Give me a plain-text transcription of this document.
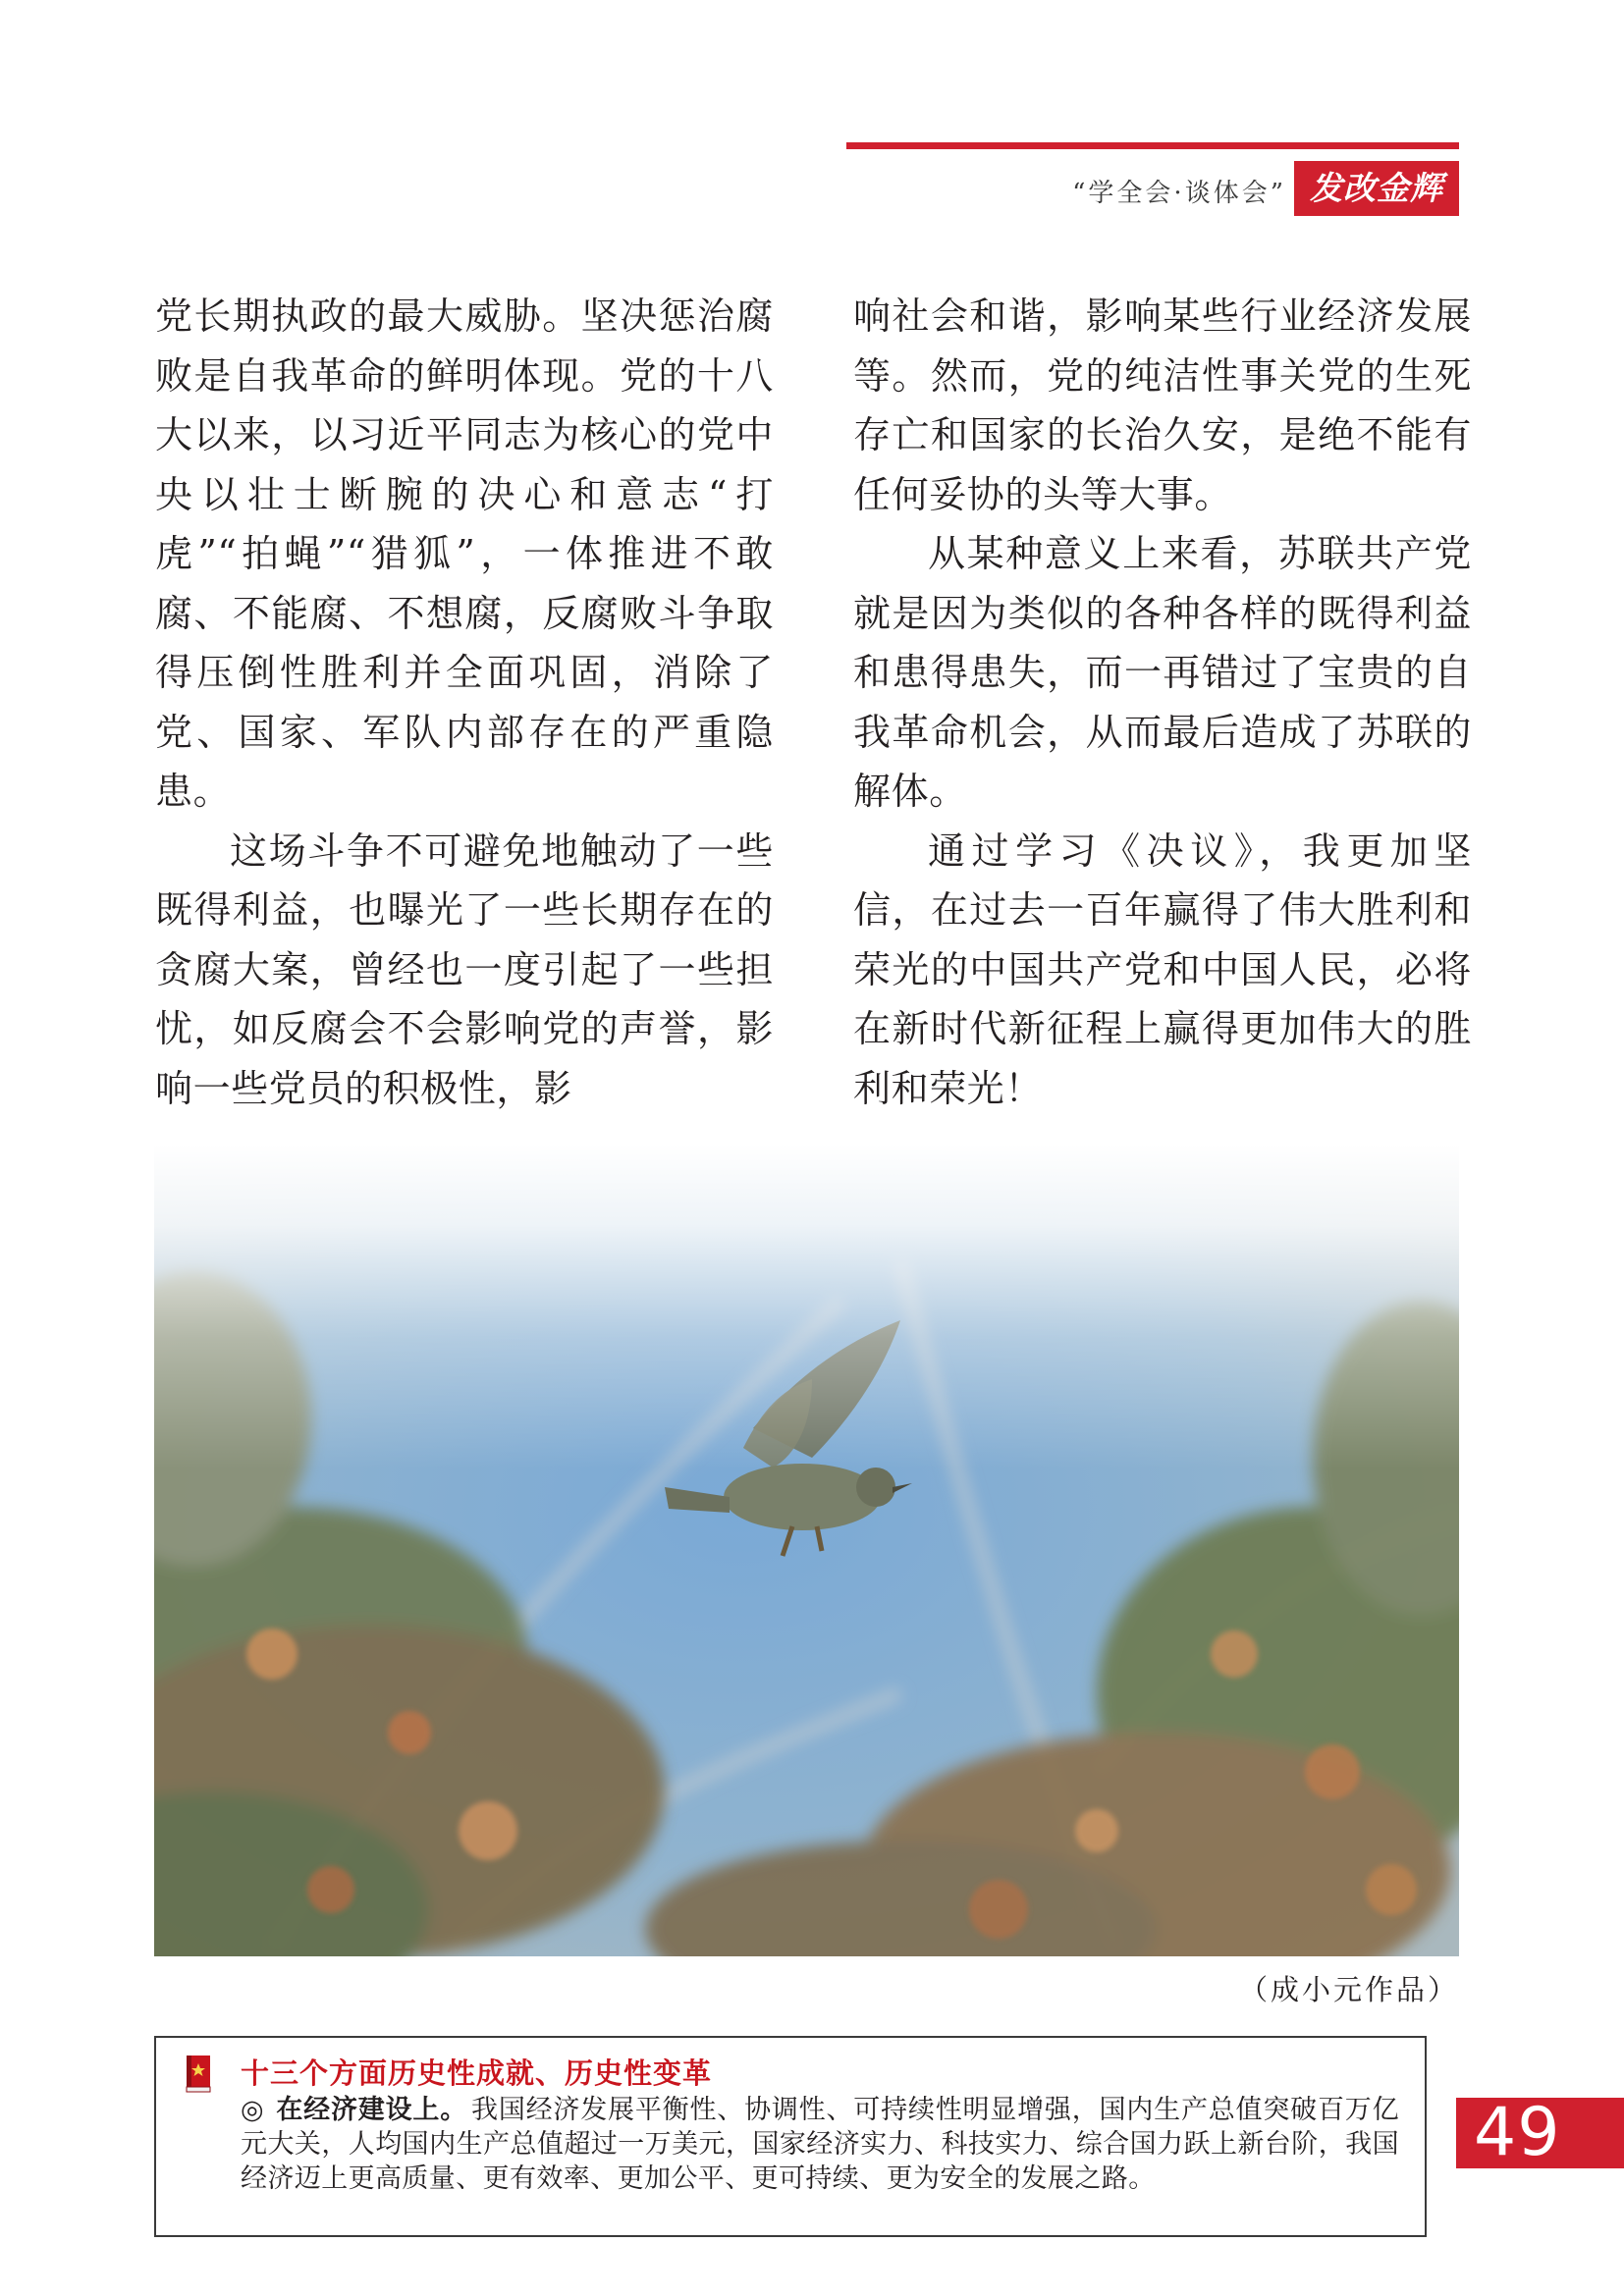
“学全会·谈体会” 发改金辉

党长期执政的最大威胁。坚决惩治腐败是自我革命的鲜明体现。党的十八大以来，以习近平同志为核心的党中央以壮士断腕的决心和意志“打虎”“拍蝇”“猎狐”，一体推进不敢腐、不能腐、不想腐，反腐败斗争取得压倒性胜利并全面巩固，消除了党、国家、军队内部存在的严重隐患。

这场斗争不可避免地触动了一些既得利益，也曝光了一些长期存在的贪腐大案，曾经也一度引起了一些担忧，如反腐会不会影响党的声誉，影响一些党员的积极性，影

响社会和谐，影响某些行业经济发展等。然而，党的纯洁性事关党的生死存亡和国家的长治久安，是绝不能有任何妥协的头等大事。

从某种意义上来看，苏联共产党就是因为类似的各种各样的既得利益和患得患失，而一再错过了宝贵的自我革命机会，从而最后造成了苏联的解体。

通过学习《决议》，我更加坚信，在过去一百年赢得了伟大胜利和荣光的中国共产党和中国人民，必将在新时代新征程上赢得更加伟大的胜利和荣光！

（成小元作品）
十三个方面历史性成就、历史性变革
◎ 在经济建设上。 我国经济发展平衡性、协调性、可持续性明显增强，国内生产总值突破百万亿元大关，人均国内生产总值超过一万美元，国家经济实力、科技实力、综合国力跃上新台阶，我国经济迈上更高质量、更有效率、更加公平、更可持续、更为安全的发展之路。
49
